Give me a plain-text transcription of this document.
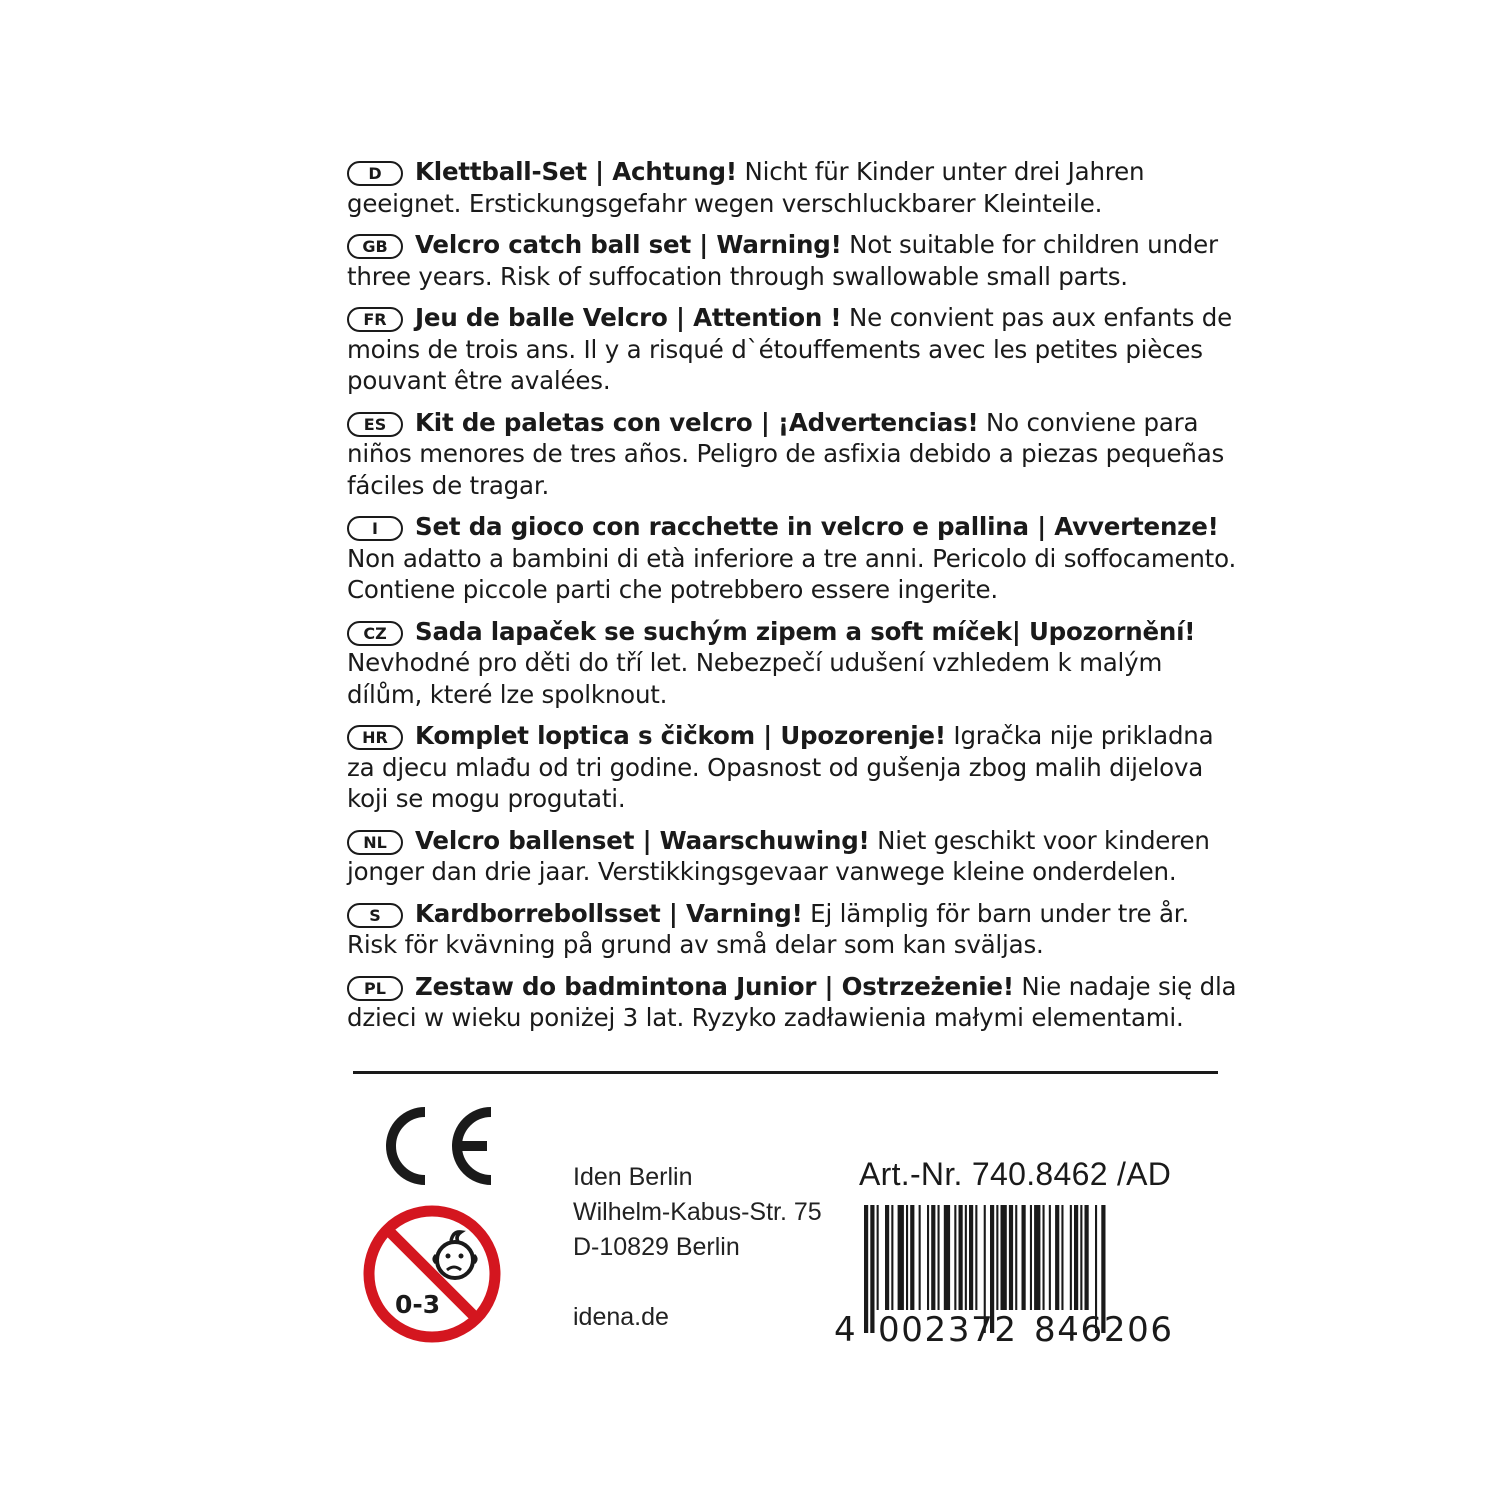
D Klettball-Set | Achtung! Nicht für Kinder unter drei Jahren geeignet. Erstickungsgefahr wegen verschluckbarer Kleinteile.
GB Velcro catch ball set | Warning! Not suitable for children under three years. Risk of suffocation through swallowable small parts.
FR Jeu de balle Velcro | Attention ! Ne convient pas aux enfants de moins de trois ans. Il y a risqué d`étouffements avec les petites pièces pouvant être avalées.
ES Kit de paletas con velcro | ¡Advertencias! No conviene para niños menores de tres años. Peligro de asfixia debido a piezas pequeñas fáciles de tragar.
I Set da gioco con racchette in velcro e pallina | Avvertenze! Non adatto a bambini di età inferiore a tre anni. Pericolo di soffocamento. Contiene piccole parti che potrebbero essere ingerite.
CZ Sada lapaček se suchým zipem a soft míček| Upozornění! Nevhodné pro děti do tří let. Nebezpečí udušení vzhledem k malým dílům, které lze spolknout.
HR Komplet loptica s čičkom | Upozorenje! Igračka nije prikladna za djecu mlađu od tri godine. Opasnost od gušenja zbog malih dijelova koji se mogu progutati.
NL Velcro ballenset | Waarschuwing! Niet geschikt voor kinderen jonger dan drie jaar. Verstikkingsgevaar vanwege kleine onderdelen.
S Kardborrebollsset | Varning! Ej lämplig för barn under tre år. Risk för kvävning på grund av små delar som kan sväljas.
PL Zestaw do badmintona Junior | Ostrzeżenie! Nie nadaje się dla dzieci w wieku poniżej 3 lat. Ryzyko zadławienia małymi elementami.
0-3
Iden Berlin
Wilhelm-Kabus-Str. 75
D-10829 Berlin
idena.de
Art.-Nr. 740.8462 /AD
4 002372 846206
